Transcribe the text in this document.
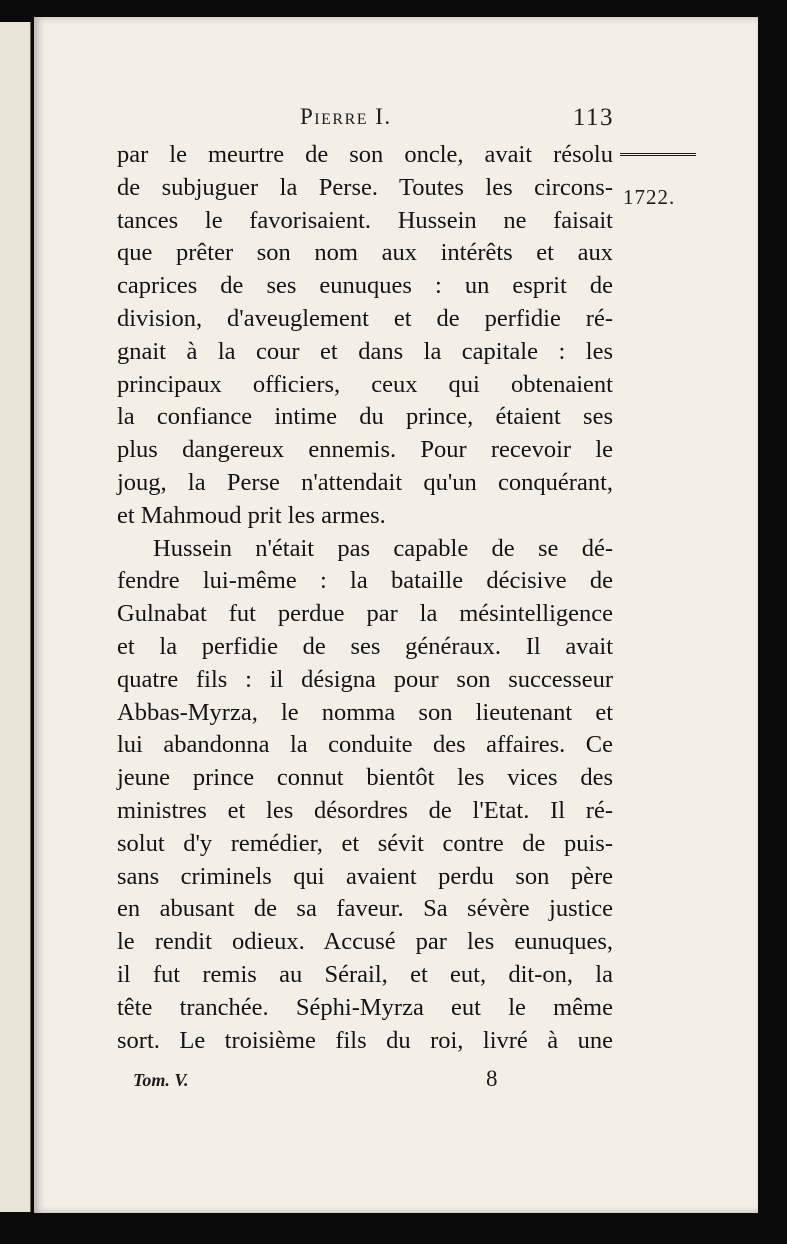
Pierre I.	113
1722.
par le meurtre de son oncle, avait résolu
de subjuguer la Perse. Toutes les circons-
tances le favorisaient. Hussein ne faisait
que prêter son nom aux intérêts et aux
caprices de ses eunuques : un esprit de
division, d'aveuglement et de perfidie ré-
gnait à la cour et dans la capitale : les
principaux officiers, ceux qui obtenaient
la confiance intime du prince, étaient ses
plus dangereux ennemis. Pour recevoir le
joug, la Perse n'attendait qu'un conquérant,
et Mahmoud prit les armes.
Hussein n'était pas capable de se dé-
fendre lui-même : la bataille décisive de
Gulnabat fut perdue par la mésintelligence
et la perfidie de ses généraux. Il avait
quatre fils : il désigna pour son successeur
Abbas-Myrza, le nomma son lieutenant et
lui abandonna la conduite des affaires. Ce
jeune prince connut bientôt les vices des
ministres et les désordres de l'Etat. Il ré-
solut d'y remédier, et sévit contre de puis-
sans criminels qui avaient perdu son père
en abusant de sa faveur. Sa sévère justice
le rendit odieux. Accusé par les eunuques,
il fut remis au Sérail, et eut, dit-on, la
tête tranchée. Séphi-Myrza eut le même
sort. Le troisième fils du roi, livré à une
Tom. V.	8
